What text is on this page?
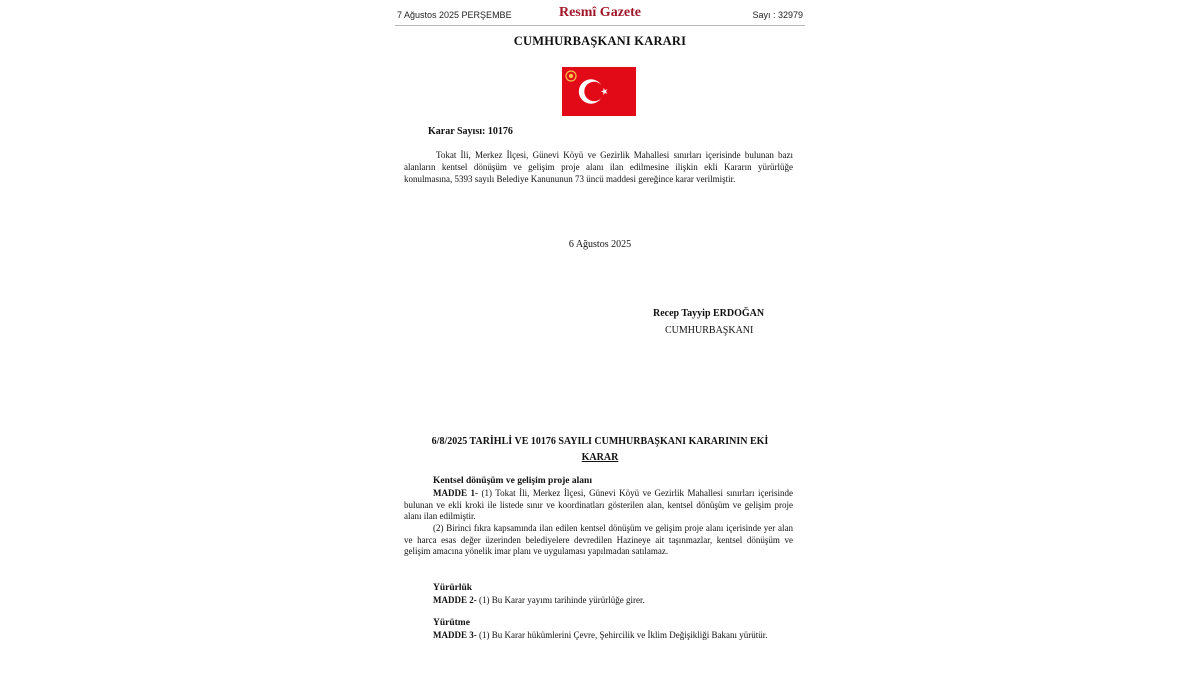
7 Ağustos 2025 PERŞEMBE	Resmî Gazete	Sayı : 32979
CUMHURBAŞKANI KARARI
Karar Sayısı: 10176

Tokat İli, Merkez İlçesi, Günevi Köyü ve Gezirlik Mahallesi sınırları içerisinde bulunan bazı alanların kentsel dönüşüm ve gelişim proje alanı ilan edilmesine ilişkin ekli Kararın yürürlüğe konulmasına, 5393 sayılı Belediye Kanununun 73 üncü maddesi gereğince karar verilmiştir.

6 Ağustos 2025
Recep Tayyip ERDOĞAN
CUMHURBAŞKANI
6/8/2025 TARİHLİ VE 10176 SAYILI CUMHURBAŞKANI KARARININ EKİ
KARAR
Kentsel dönüşüm ve gelişim proje alanı

MADDE 1- (1) Tokat İli, Merkez İlçesi, Günevi Köyü ve Gezirlik Mahallesi sınırları içerisinde bulunan ve ekli kroki ile listede sınır ve koordinatları gösterilen alan, kentsel dönüşüm ve gelişim proje alanı ilan edilmiştir.

(2) Birinci fıkra kapsamında ilan edilen kentsel dönüşüm ve gelişim proje alanı içerisinde yer alan ve harca esas değer üzerinden belediyelere devredilen Hazineye ait taşınmazlar, kentsel dönüşüm ve gelişim amacına yönelik imar planı ve uygulaması yapılmadan satılamaz.

Yürürlük

MADDE 2- (1) Bu Karar yayımı tarihinde yürürlüğe girer.

Yürütme

MADDE 3- (1) Bu Karar hükümlerini Çevre, Şehircilik ve İklim Değişikliği Bakanı yürütür.
